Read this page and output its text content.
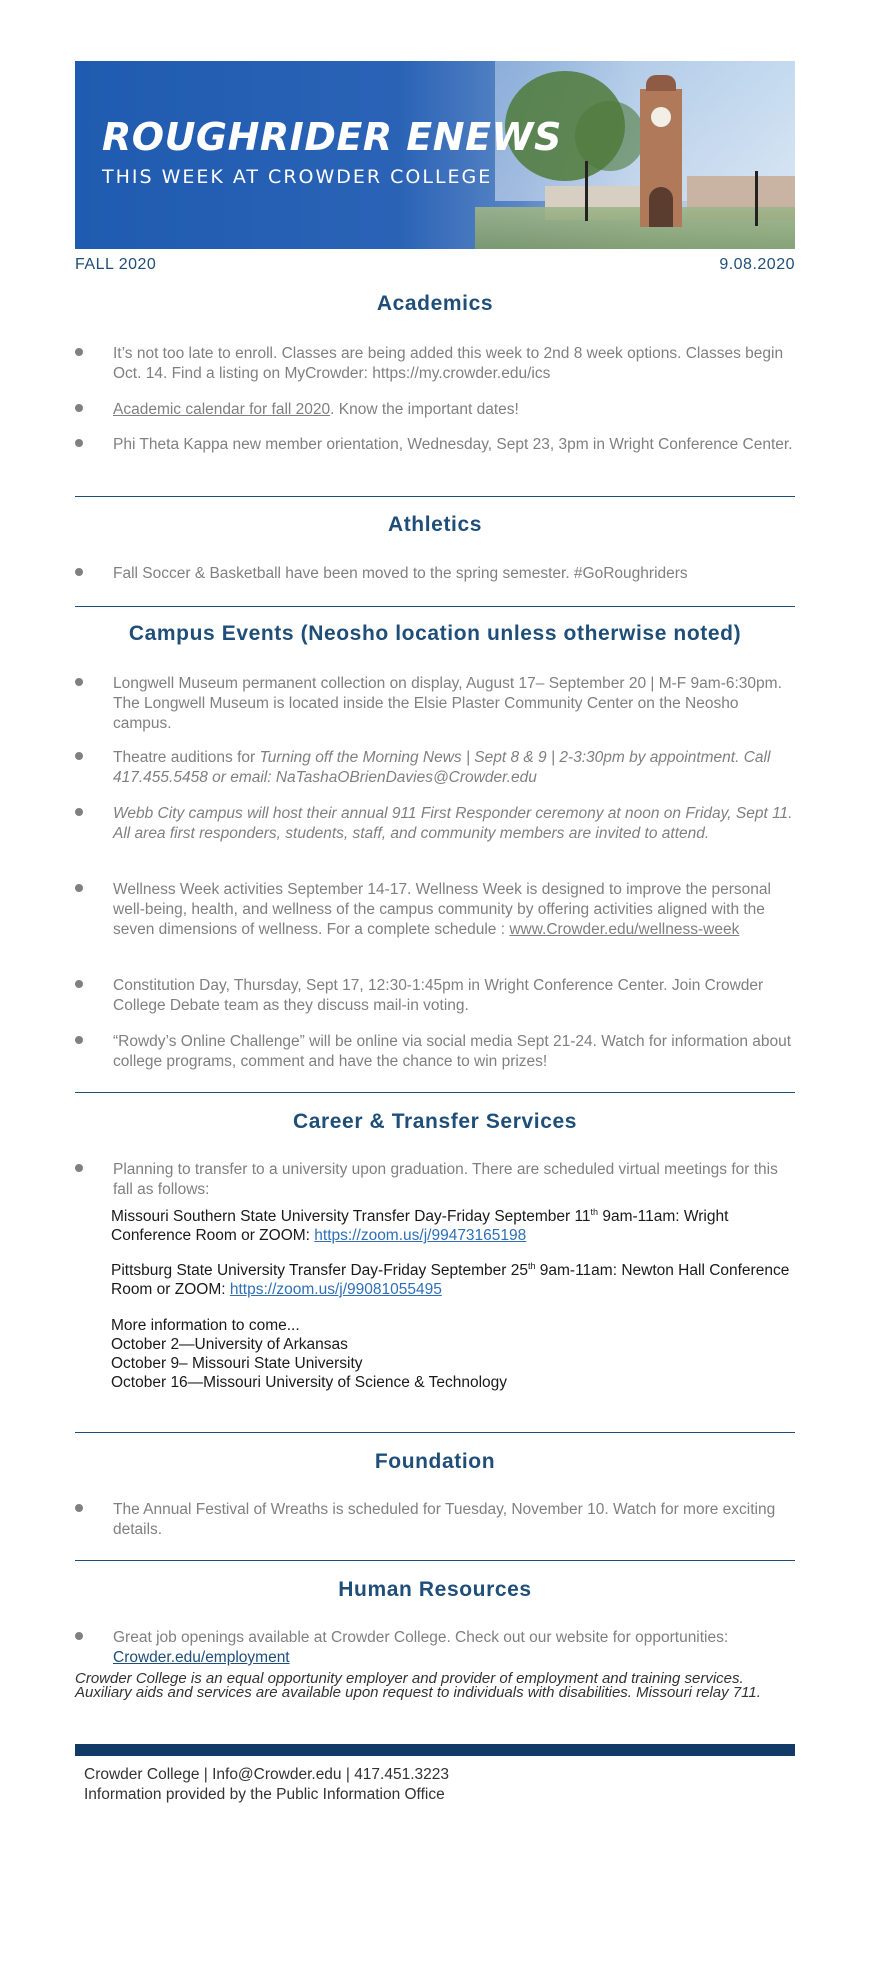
ROUGHRIDER ENEWS
THIS WEEK AT CROWDER COLLEGE
FALL 2020	9.08.2020
Academics
It’s not too late to enroll. Classes are being added this week to 2nd 8 week options. Classes begin Oct. 14. Find a listing on MyCrowder: https://my.crowder.edu/ics
Academic calendar for fall 2020. Know the important dates!
Phi Theta Kappa new member orientation, Wednesday, Sept 23, 3pm in Wright Conference Center.
Athletics
Fall Soccer & Basketball have been moved to the spring semester. #GoRoughriders
Campus Events (Neosho location unless otherwise noted)
Longwell Museum permanent collection on display, August 17– September 20 | M-F 9am-6:30pm. The Longwell Museum is located inside the Elsie Plaster Community Center on the Neosho campus.
Theatre auditions for Turning off the Morning News | Sept 8 & 9 | 2-3:30pm by appointment. Call 417.455.5458 or email: NaTashaOBrienDavies@Crowder.edu
Webb City campus will host their annual 911 First Responder ceremony at noon on Friday, Sept 11. All area first responders, students, staff, and community members are invited to attend.
Wellness Week activities September 14-17. Wellness Week is designed to improve the personal well-being, health, and wellness of the campus community by offering activities aligned with the seven dimensions of wellness. For a complete schedule : www.Crowder.edu/wellness-week
Constitution Day, Thursday, Sept 17, 12:30-1:45pm in Wright Conference Center. Join Crowder College Debate team as they discuss mail-in voting.
“Rowdy’s Online Challenge” will be online via social media Sept 21-24. Watch for information about college programs, comment and have the chance to win prizes!
Career & Transfer Services
Planning to transfer to a university upon graduation. There are scheduled virtual meetings for this fall as follows:
Missouri Southern State University Transfer Day-Friday September 11th 9am-11am: Wright Conference Room or ZOOM: https://zoom.us/j/99473165198
Pittsburg State University Transfer Day-Friday September 25th 9am-11am: Newton Hall Conference Room or ZOOM: https://zoom.us/j/99081055495
More information to come...
October 2—University of Arkansas
October 9– Missouri State University
October 16—Missouri University of Science & Technology
Foundation
The Annual Festival of Wreaths is scheduled for Tuesday, November 10. Watch for more exciting details.
Human Resources
Great job openings available at Crowder College. Check out our website for opportunities: Crowder.edu/employment
Crowder College is an equal opportunity employer and provider of employment and training services. Auxiliary aids and services are available upon request to individuals with disabilities. Missouri relay 711.
Crowder College | Info@Crowder.edu | 417.451.3223
Information provided by the Public Information Office
